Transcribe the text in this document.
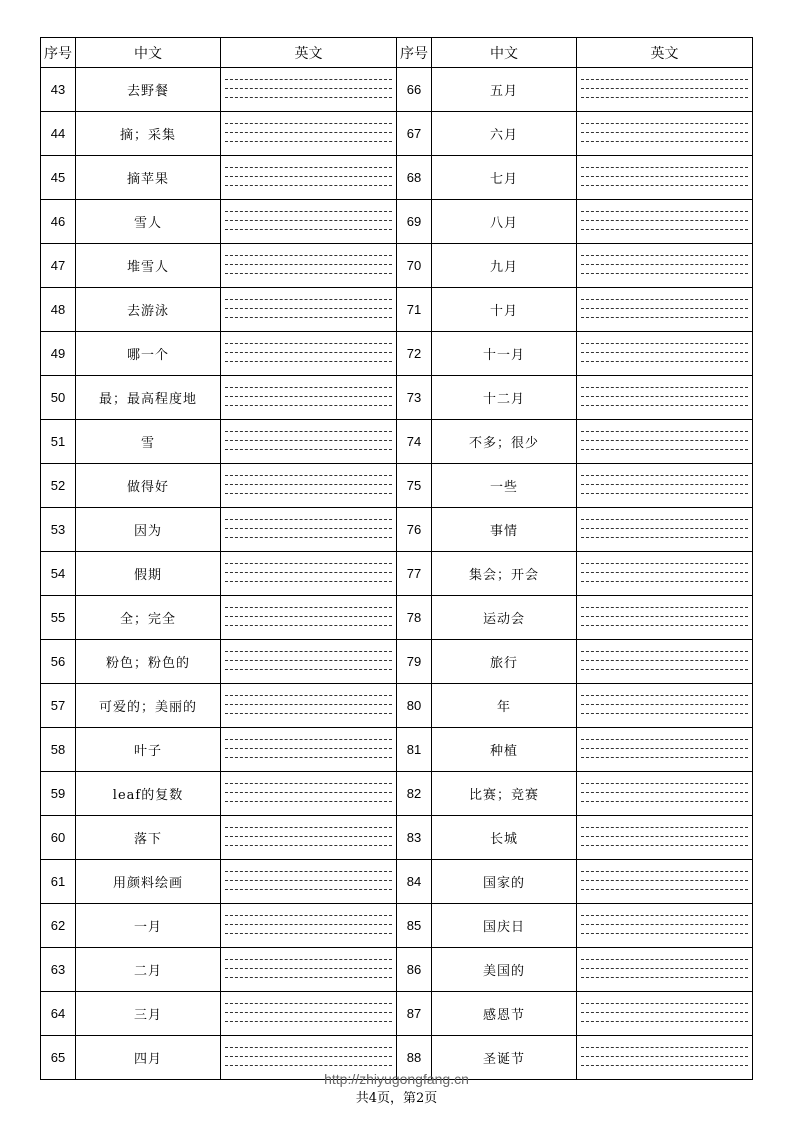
序号	中文	英文	序号	中文	英文
43	去野餐		66	五月	

44	摘；采集		67	六月	

45	摘苹果		68	七月	

46	雪人		69	八月	

47	堆雪人		70	九月	

48	去游泳		71	十月	

49	哪一个		72	十一月	

50	最；最高程度地		73	十二月	

51	雪		74	不多；很少	

52	做得好		75	一些	

53	因为		76	事情	

54	假期		77	集会；开会	

55	全；完全		78	运动会	

56	粉色；粉色的		79	旅行	

57	可爱的；美丽的		80	年	

58	叶子		81	种植	

59	leaf的复数		82	比赛；竞赛	

60	落下		83	长城	

61	用颜料绘画		84	国家的	

62	一月		85	国庆日	

63	二月		86	美国的	

64	三月		87	感恩节	

65	四月		88	圣诞节	
http://zhiyugongfang.cn
共4页，第2页
